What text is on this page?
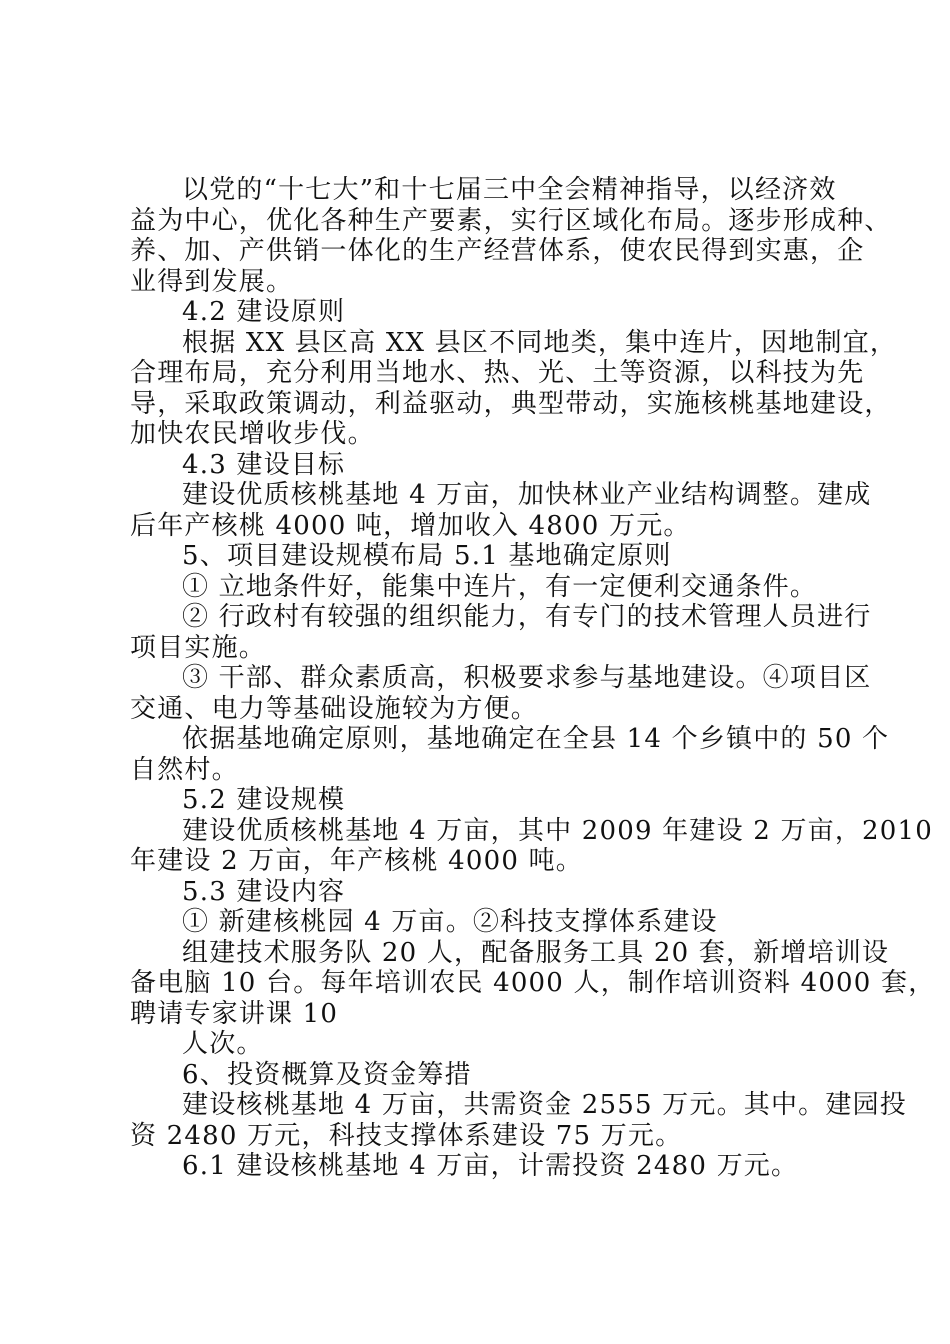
以党的“十七大”和十七届三中全会精神指导，以经济效
益为中心，优化各种生产要素，实行区域化布局。逐步形成种、
养、加、产供销一体化的生产经营体系，使农民得到实惠，企
业得到发展。
4.2 建设原则
根据 XX 县区高 XX 县区不同地类，集中连片，因地制宜，
合理布局，充分利用当地水、热、光、土等资源，以科技为先
导，采取政策调动，利益驱动，典型带动，实施核桃基地建设，
加快农民增收步伐。
4.3 建设目标
建设优质核桃基地 4 万亩，加快林业产业结构调整。建成
后年产核桃 4000 吨，增加收入 4800 万元。
5、项目建设规模布局 5.1 基地确定原则
① 立地条件好，能集中连片，有一定便利交通条件。
② 行政村有较强的组织能力，有专门的技术管理人员进行
项目实施。
③ 干部、群众素质高，积极要求参与基地建设。④项目区
交通、电力等基础设施较为方便。
依据基地确定原则，基地确定在全县 14 个乡镇中的 50 个
自然村。
5.2 建设规模
建设优质核桃基地 4 万亩，其中 2009 年建设 2 万亩，2010
年建设 2 万亩，年产核桃 4000 吨。
5.3 建设内容
① 新建核桃园 4 万亩。②科技支撑体系建设
组建技术服务队 20 人，配备服务工具 20 套，新增培训设
备电脑 10 台。每年培训农民 4000 人，制作培训资料 4000 套，
聘请专家讲课 10
人次。
6、投资概算及资金筹措
建设核桃基地 4 万亩，共需资金 2555 万元。其中。建园投
资 2480 万元，科技支撑体系建设 75 万元。
6.1 建设核桃基地 4 万亩，计需投资 2480 万元。
